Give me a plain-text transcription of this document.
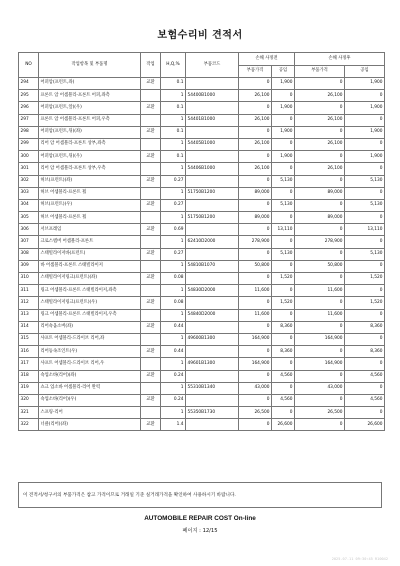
보험수리비 견적서
NO	작업항목 및 부품명	작업	H,Q,%	부품코드	손해 사정전		손해 사정후	
					부품가격	공임	부품가격	공임
294	어퍼암(프런트,좌)	교환	0.1		0	1,900	0	1,900
295	프론트 암 어셈블리-프론트 어퍼,좌측		1	54400B1000	26,100	0	26,100	0
296	어퍼암(프런트,앞)(우)	교환	0.1		0	1,900	0	1,900
297	프론트 암 어셈블리-프론트 어퍼,우측		1	54401B1000	26,100	0	26,100	0
298	어퍼암(프런트,뒤)(좌)	교환	0.1		0	1,900	0	1,900
299	리어 암 어셈블리-프론트 상부,좌측		1	54405B1000	26,100	0	26,100	0
300	어퍼암(프런트,뒤)(우)	교환	0.1		0	1,900	0	1,900
301	리어 암 어셈블리-프론트 상부,우측		1	54406B1000	26,100	0	26,100	0
302	허브(프런트)(좌)	교환	0.27		0	5,130	0	5,130
303	허브 어셈블리-프론트 휠		1	51750B1200	89,000	0	89,000	0
304	허브(프런트)(우)	교환	0.27		0	5,130	0	5,130
305	허브 어셈블리-프론트 휠		1	51750B1200	89,000	0	89,000	0
306	서브프레임	교환	0.69		0	13,110	0	13,110
307	크로스멤버 어셈블리-프론트		1	62410D2000	278,900	0	278,900	0
308	스태빌라이저바(프런트)	교환	0.27		0	5,130	0	5,130
309	바 어셈블리-프론트 스태빌라이저		1	54810B1070	50,800	0	50,800	0
310	스태빌라이저링크(프런트)(좌)	교환	0.08		0	1,520	0	1,520
311	링크 어셈블리-프론트 스태빌라이저,좌측		1	54830D2000	11,600	0	11,600	0
312	스태빌라이저링크(프런트)(우)	교환	0.08		0	1,520	0	1,520
313	링크 어셈블리-프론트 스태빌라이저,우측		1	54840D2000	11,600	0	11,600	0
314	리어쇽옵소버(좌)	교환	0.44		0	8,360	0	8,360
315	샤프트 어셈블리-드라이브 리어,좌		1	49600B1300	164,900	0	164,900	0
316	리어등속조인트(우)	교환	0.44		0	8,360	0	8,360
317	샤프트 어셈블리-드라이브 리어,우		1	49601B1300	164,900	0	164,900	0
318	쇽업소바(리어)(좌)	교환	0.24		0	4,560	0	4,560
319	쇼크 업소바 어셈블리-리어 완력		1	55310B1340	43,000	0	43,000	0
320	쇽업소바(리어)(우)	교환	0.24		0	4,560	0	4,560
321	스프링-리어		1	55350B1730	26,500	0	26,500	0
322	너클(리어)(좌)	교환	1.4		0	26,600	0	26,600
이 견적서/청구서의 부품가격은 참고 가격이므로 거래일 기준 실거래가격을 확인하여 사용하시기 바랍니다.
AUTOMOBILE REPAIR COST On-line
페이지 : 12/15
2025-07-11 09:30:45 R10042
